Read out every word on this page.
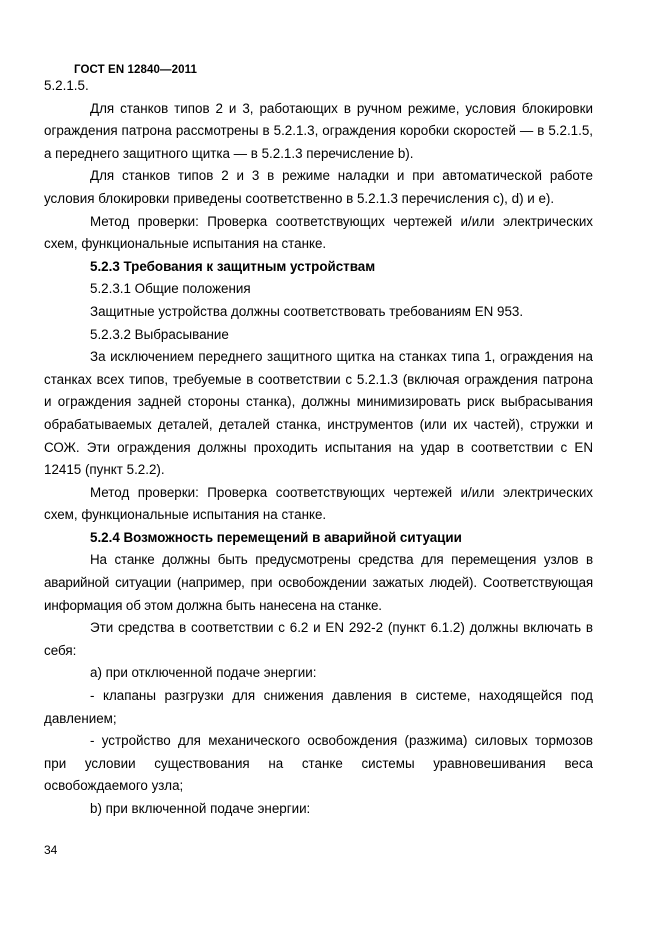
ГОСТ EN 12840—2011

5.2.1.5.

Для станков типов 2 и 3, работающих в ручном режиме, условия блокировки ограждения патрона рассмотрены в 5.2.1.3, ограждения коробки скоростей — в 5.2.1.5, а переднего защитного щитка — в 5.2.1.3 перечисление b).

Для станков типов 2 и 3 в режиме наладки и при автоматической работе условия блокировки приведены соответственно в 5.2.1.3 перечисления с), d) и е).

Метод проверки: Проверка соответствующих чертежей и/или электрических схем, функциональные испытания на станке.

5.2.3 Требования к защитным устройствам

5.2.3.1 Общие положения

Защитные устройства должны соответствовать требованиям EN 953.

5.2.3.2 Выбрасывание

За исключением переднего защитного щитка на станках типа 1, ограждения на станках всех типов, требуемые в соответствии с 5.2.1.3 (включая ограждения патрона и ограждения задней стороны станка), должны минимизировать риск выбрасывания обрабатываемых деталей, деталей станка, инструментов (или их частей), стружки и СОЖ. Эти ограждения должны проходить испытания на удар в соответствии с EN 12415 (пункт 5.2.2).

Метод проверки: Проверка соответствующих чертежей и/или электрических схем, функциональные испытания на станке.

5.2.4 Возможность перемещений в аварийной ситуации

На станке должны быть предусмотрены средства для перемещения узлов в аварийной ситуации (например, при освобождении зажатых людей). Соответствующая информация об этом должна быть нанесена на станке.

Эти средства в соответствии с 6.2 и EN 292-2 (пункт 6.1.2) должны включать в себя:

а) при отключенной подаче энергии:

- клапаны разгрузки для снижения давления в системе, находящейся под давлением;

- устройство для механического освобождения (разжима) силовых тормозов при условии существования на станке системы уравновешивания веса освобождаемого узла;

b) при включенной подаче энергии:

34
